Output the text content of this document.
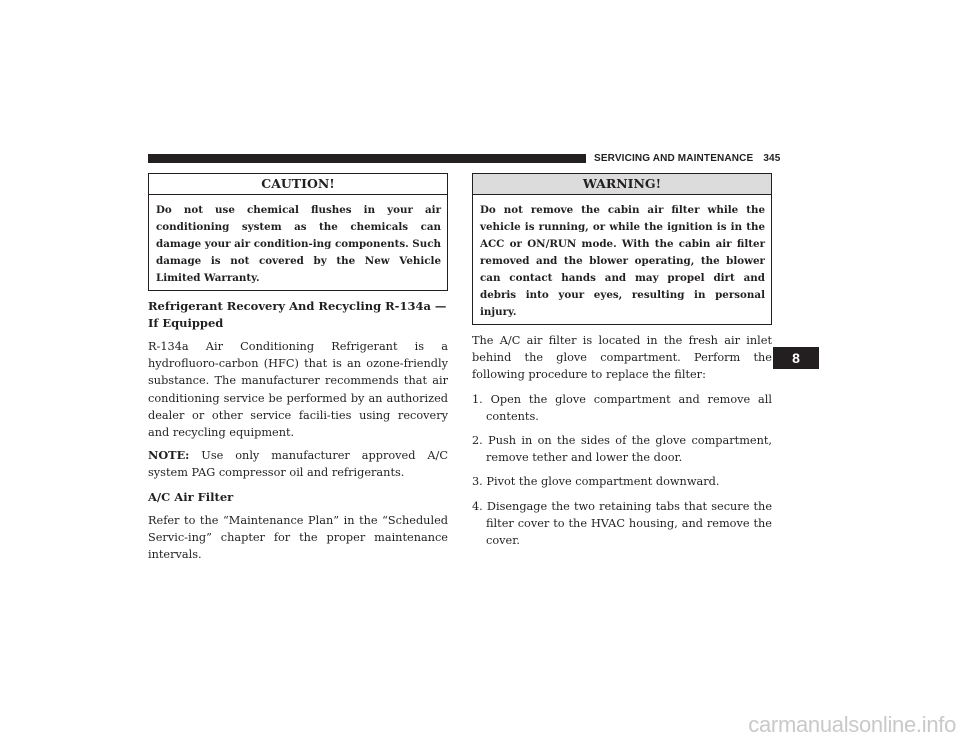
SERVICING AND MAINTENANCE 345
8
CAUTION!
Do not use chemical flushes in your air conditioning system as the chemicals can damage your air condition-ing components. Such damage is not covered by the New Vehicle Limited Warranty.
Refrigerant Recovery And Recycling R-134a — If Equipped

R-134a Air Conditioning Refrigerant is a hydrofluoro-carbon (HFC) that is an ozone-friendly substance. The manufacturer recommends that air conditioning service be performed by an authorized dealer or other service facili-ties using recovery and recycling equipment.

NOTE: Use only manufacturer approved A/C system PAG compressor oil and refrigerants.

A/C Air Filter

Refer to the “Maintenance Plan” in the “Scheduled Servic-ing” chapter for the proper maintenance intervals.

WARNING!
Do not remove the cabin air filter while the vehicle is running, or while the ignition is in the ACC or ON/RUN mode. With the cabin air filter removed and the blower operating, the blower can contact hands and may propel dirt and debris into your eyes, resulting in personal injury.

The A/C air filter is located in the fresh air inlet behind the glove compartment. Perform the following procedure to replace the filter:

1. Open the glove compartment and remove all contents.
2. Push in on the sides of the glove compartment, remove tether and lower the door.
3. Pivot the glove compartment downward.
4. Disengage the two retaining tabs that secure the filter cover to the HVAC housing, and remove the cover.
carmanualsonline.info
